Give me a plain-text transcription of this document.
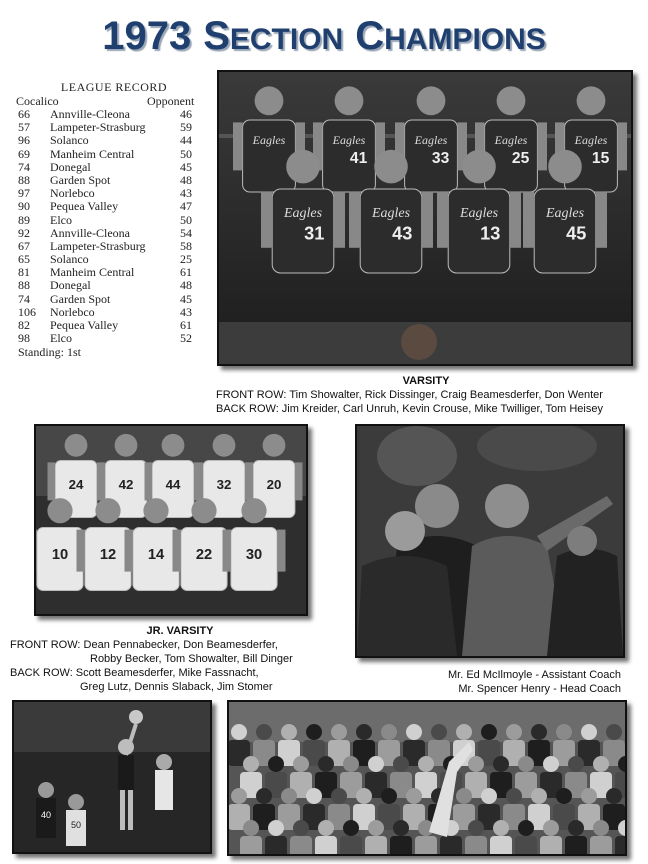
1973 SECTION CHAMPIONS
LEAGUE RECORD
Cocalico	Opponent
66 Annville-Cleona	46
57 Lampeter-Strasburg	59
96 Solanco	44
69 Manheim Central	50
74 Donegal	45
88 Garden Spot	48
97 Norlebco	43
90 Pequea Valley	47
89 Elco	50
92 Annville-Cleona	54
67 Lampeter-Strasburg	58
65 Solanco	25
81 Manheim Central	61
88 Donegal	48
74 Garden Spot	45
106 Norlebco	43
82 Pequea Valley	61
98 Elco	52
Standing: 1st
Eagles	Eagles
41
Eagles
33
Eagles
25
Eagles
15
Eagles
31
Eagles
43
Eagles
13
Eagles
45
VARSITY
FRONT ROW: Tim Showalter, Rick Dissinger, Craig Beamesderfer, Don Wenter
BACK ROW: Jim Kreider, Carl Unruh, Kevin Crouse, Mike Twilliger, Tom Heisey
24	42 44	32	20
10 12 14 22 30
JR. VARSITY
FRONT ROW: Dean Pennabecker, Don Beamesderfer,
Robby Becker, Tom Showalter, Bill Dinger
BACK ROW: Scott Beamesderfer, Mike Fassnacht,
Greg Lutz, Dennis Slaback, Jim Stomer
Mr. Ed McIlmoyle - Assistant Coach
Mr. Spencer Henry - Head Coach
40
50
